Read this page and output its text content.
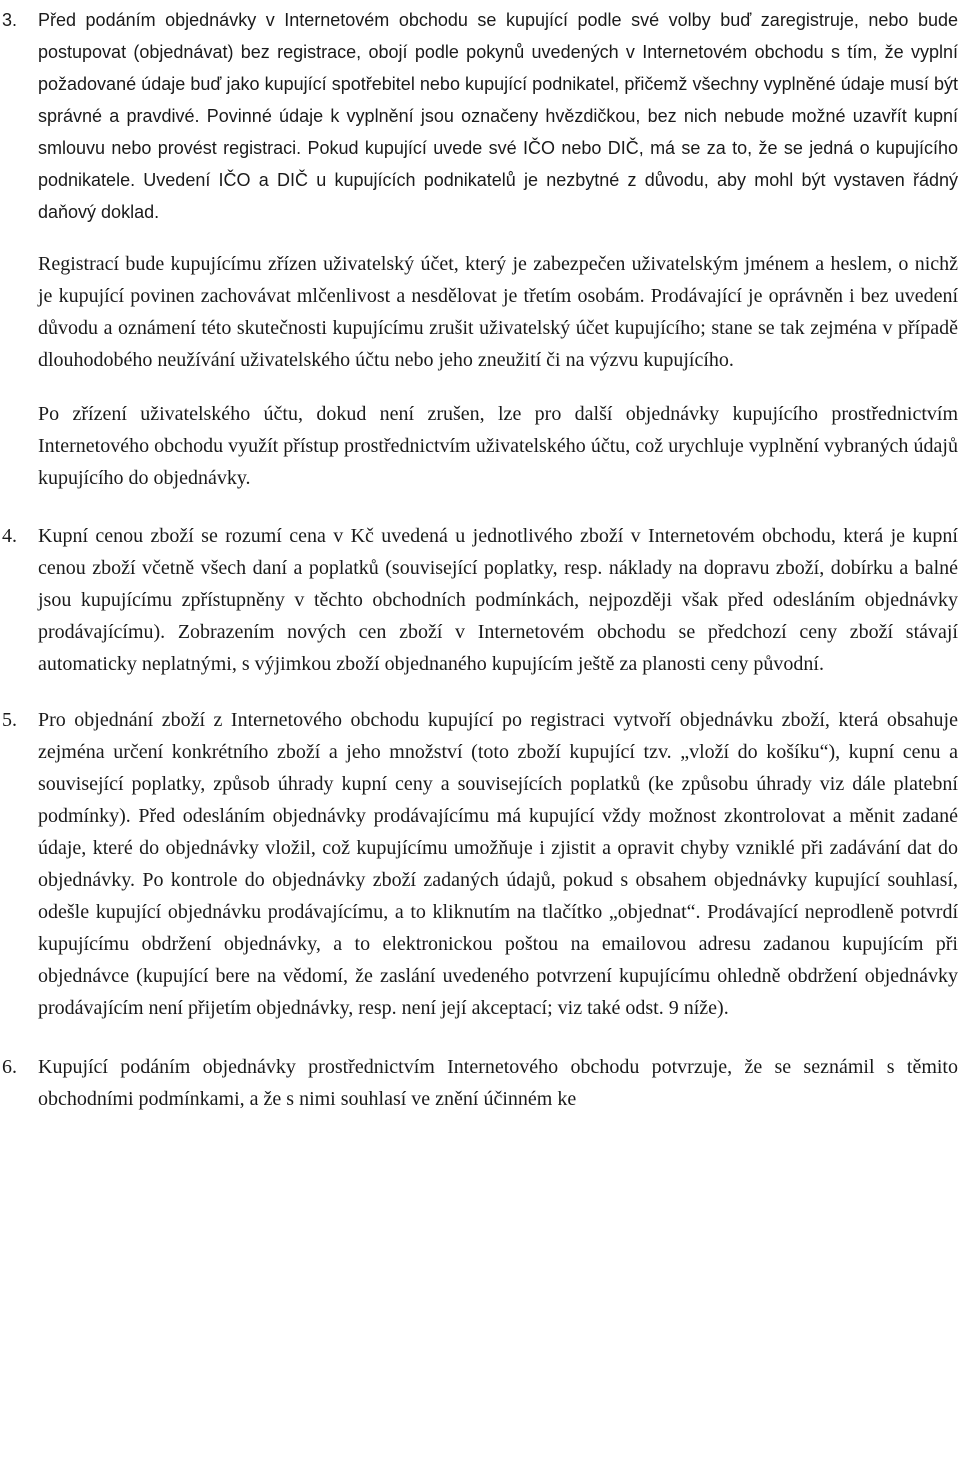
3.	Před podáním objednávky v Internetovém obchodu se kupující podle své volby buď zaregistruje, nebo bude postupovat (objednávat) bez registrace, obojí podle pokynů uvedených v Internetovém obchodu s tím, že vyplní požadované údaje buď jako kupující spotřebitel nebo kupující podnikatel, přičemž všechny vyplněné údaje musí být správné a pravdivé. Povinné údaje k vyplnění jsou označeny hvězdičkou, bez nich nebude možné uzavřít kupní smlouvu nebo provést registraci. Pokud kupující uvede své IČO nebo DIČ, má se za to, že se jedná o kupujícího podnikatele. Uvedení IČO a DIČ u kupujících podnikatelů je nezbytné z důvodu, aby mohl být vystaven řádný daňový doklad.

Registrací bude kupujícímu zřízen uživatelský účet, který je zabezpečen uživatelským jménem a heslem, o nichž je kupující povinen zachovávat mlčenlivost a nesdělovat je třetím osobám. Prodávající je oprávněn i bez uvedení důvodu a oznámení této skutečnosti kupujícímu zrušit uživatelský účet kupujícího; stane se tak zejména v případě dlouhodobého neužívání uživatelského účtu nebo jeho zneužití či na výzvu kupujícího.

Po zřízení uživatelského účtu, dokud není zrušen, lze pro další objednávky kupujícího prostřednictvím Internetového obchodu využít přístup prostřednictvím uživatelského účtu, což urychluje vyplnění vybraných údajů kupujícího do objednávky.

4.	Kupní cenou zboží se rozumí cena v Kč uvedená u jednotlivého zboží v Internetovém obchodu, která je kupní cenou zboží včetně všech daní a poplatků (související poplatky, resp. náklady na dopravu zboží, dobírku a balné jsou kupujícímu zpřístupněny v těchto obchodních podmínkách, nejpozději však před odesláním objednávky prodávajícímu). Zobrazením nových cen zboží v Internetovém obchodu se předchozí ceny zboží stávají automaticky neplatnými, s výjimkou zboží objednaného kupujícím ještě za planosti ceny původní.

5.	Pro objednání zboží z Internetového obchodu kupující po registraci vytvoří objednávku zboží, která obsahuje zejména určení konkrétního zboží a jeho množství (toto zboží kupující tzv. „vloží do košíku“), kupní cenu a související poplatky, způsob úhrady kupní ceny a souvisejících poplatků (ke způsobu úhrady viz dále platební podmínky). Před odesláním objednávky prodávajícímu má kupující vždy možnost zkontrolovat a měnit zadané údaje, které do objednávky vložil, což kupujícímu umožňuje i zjistit a opravit chyby vzniklé při zadávání dat do objednávky. Po kontrole do objednávky zboží zadaných údajů, pokud s obsahem objednávky kupující souhlasí, odešle kupující objednávku prodávajícímu, a to kliknutím na tlačítko „objednat“. Prodávající neprodleně potvrdí kupujícímu obdržení objednávky, a to elektronickou poštou na emailovou adresu zadanou kupujícím při objednávce (kupující bere na vědomí, že zaslání uvedeného potvrzení kupujícímu ohledně obdržení objednávky prodávajícím není přijetím objednávky, resp. není její akceptací; viz také odst. 9 níže).

6.	Kupující podáním objednávky prostřednictvím Internetového obchodu potvrzuje, že se seznámil s těmito obchodními podmínkami, a že s nimi souhlasí ve znění účinném ke
